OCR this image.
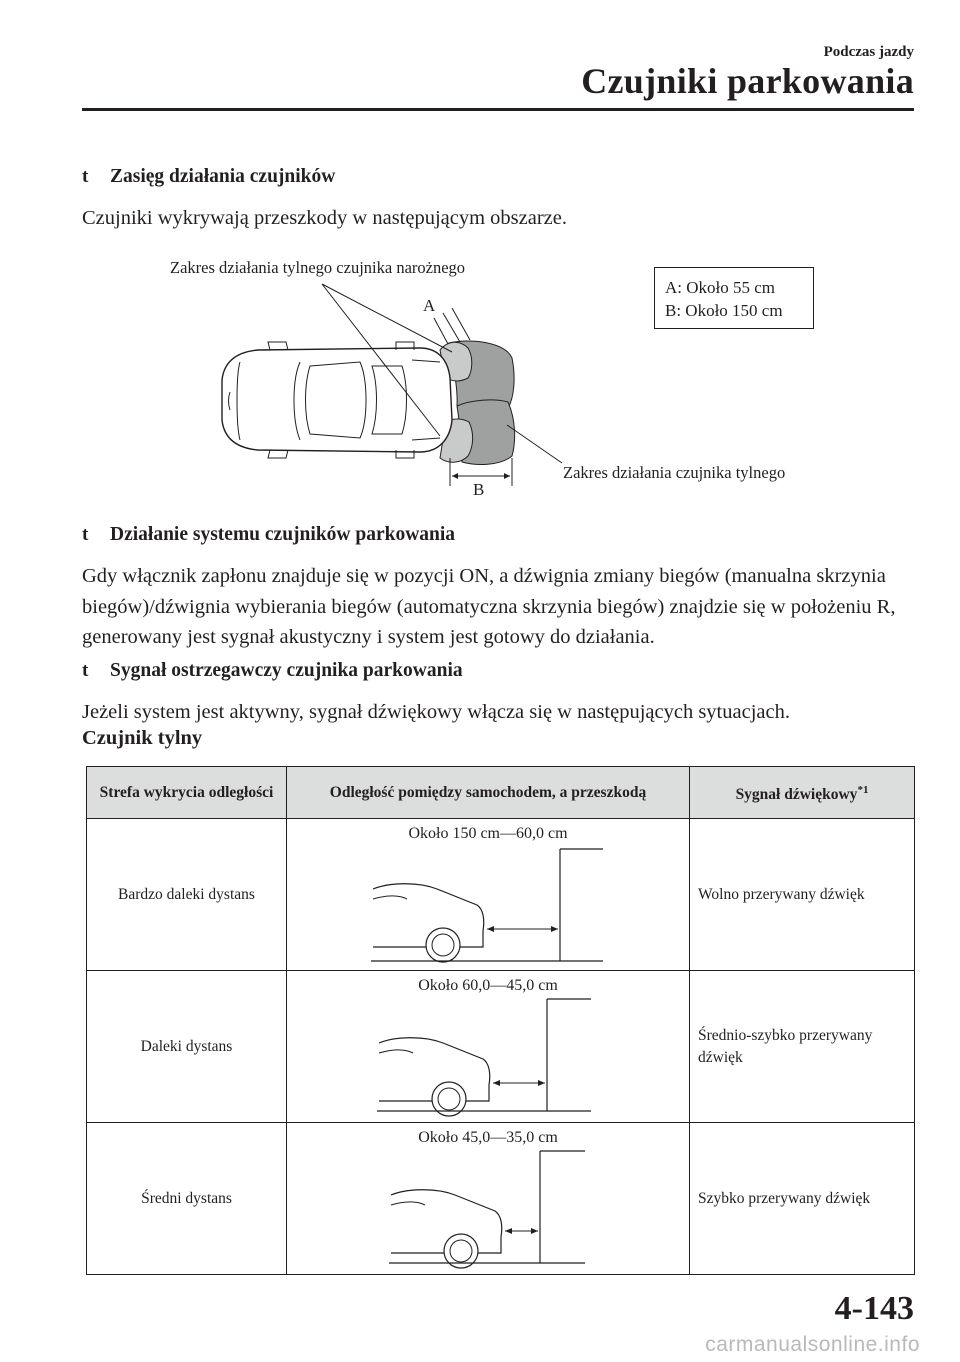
Podczas jazdy
Czujniki parkowania
t	Zasięg działania czujników
Czujniki wykrywają przeszkody w następującym obszarze.
Zakres działania tylnego czujnika narożnego
Zakres działania czujnika tylnego
A
B
A: Około 55 cm
B: Około 150 cm
t	Działanie systemu czujników parkowania
Gdy włącznik zapłonu znajduje się w pozycji ON, a dźwignia zmiany biegów (manualna skrzynia biegów)/dźwignia wybierania biegów (automatyczna skrzynia biegów) znajdzie się w położeniu R, generowany jest sygnał akustyczny i system jest gotowy do działania.
t	Sygnał ostrzegawczy czujnika parkowania
Jeżeli system jest aktywny, sygnał dźwiękowy włącza się w następujących sytuacjach.
Czujnik tylny
Strefa wykrycia odległości	Odległość pomiędzy samochodem, a przeszkodą	Sygnał dźwiękowy$^{*1}$
Bardzo daleki dystans	Około 150 cm―60,0 cm	Wolno przerywany dźwięk
Daleki dystans	Około 60,0―45,0 cm	Średnio-szybko przerywany dźwięk
Średni dystans	Około 45,0―35,0 cm	Szybko przerywany dźwięk
4-143
carmanualsonline.info
